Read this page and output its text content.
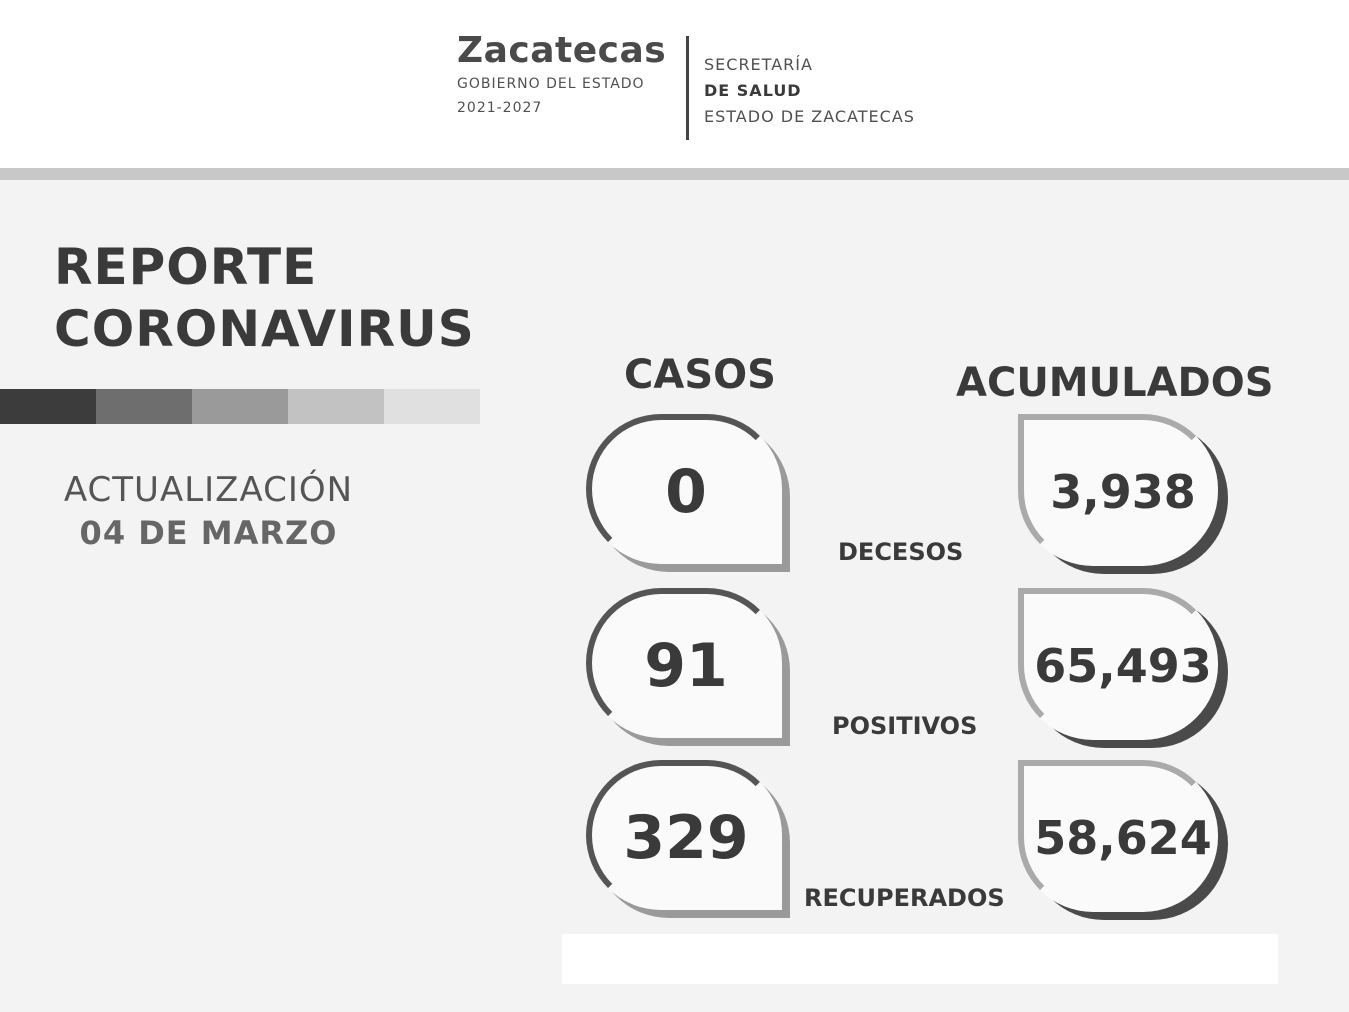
Zacatecas
GOBIERNO DEL ESTADO
2021-2027
SECRETARÍA
DE SALUD
ESTADO DE ZACATECAS
REPORTE
CORONAVIRUS
ACTUALIZACIÓN
04 DE MARZO
CASOS	ACUMULADOS
0
DECESOS
3,938
91
POSITIVOS
65,493
329
RECUPERADOS
58,624
